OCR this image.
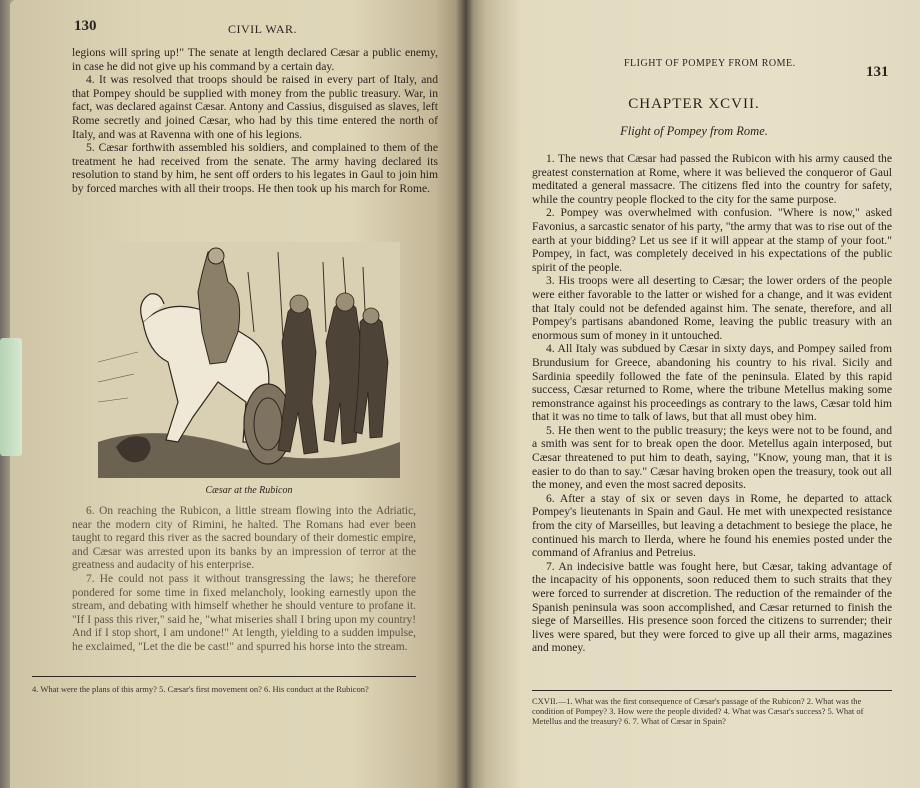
130	CIVIL WAR.

legions will spring up!" The senate at length declared Cæsar a public enemy, in case he did not give up his command by a certain day.

4. It was resolved that troops should be raised in every part of Italy, and that Pompey should be supplied with money from the public treasury. War, in fact, was declared against Cæsar. Antony and Cassius, disguised as slaves, left Rome secretly and joined Cæsar, who had by this time entered the north of Italy, and was at Ravenna with one of his legions.

5. Cæsar forthwith assembled his soldiers, and complained to them of the treatment he had received from the senate. The army having declared its resolution to stand by him, he sent off orders to his legates in Gaul to join him by forced marches with all their troops. He then took up his march for Rome.

Cæsar at the Rubicon

6. On reaching the Rubicon, a little stream flowing into the Adriatic, near the modern city of Rimini, he halted. The Romans had ever been taught to regard this river as the sacred boundary of their domestic empire, and Cæsar was arrested upon its banks by an impression of terror at the greatness and audacity of his enterprise.

7. He could not pass it without transgressing the laws; he therefore pondered for some time in fixed melancholy, looking earnestly upon the stream, and debating with himself whether he should venture to profane it. "If I pass this river," said he, "what miseries shall I bring upon my country! And if I stop short, I am undone!" At length, yielding to a sudden impulse, he exclaimed, "Let the die be cast!" and spurred his horse into the stream.

4. What were the plans of this army? 5. Cæsar's first movement on? 6. His conduct at the Rubicon?
FLIGHT OF POMPEY FROM ROME.
131
CHAPTER XCVII.
Flight of Pompey from Rome.

1. The news that Cæsar had passed the Rubicon with his army caused the greatest consternation at Rome, where it was believed the conqueror of Gaul meditated a general massacre. The citizens fled into the country for safety, while the country people flocked to the city for the same purpose.

2. Pompey was overwhelmed with confusion. "Where is now," asked Favonius, a sarcastic senator of his party, "the army that was to rise out of the earth at your bidding? Let us see if it will appear at the stamp of your foot." Pompey, in fact, was completely deceived in his expectations of the public spirit of the people.

3. His troops were all deserting to Cæsar; the lower orders of the people were either favorable to the latter or wished for a change, and it was evident that Italy could not be defended against him. The senate, therefore, and all Pompey's partisans abandoned Rome, leaving the public treasury with an enormous sum of money in it untouched.

4. All Italy was subdued by Cæsar in sixty days, and Pompey sailed from Brundusium for Greece, abandoning his country to his rival. Sicily and Sardinia speedily followed the fate of the peninsula. Elated by this rapid success, Cæsar returned to Rome, where the tribune Metellus making some remonstrance against his proceedings as contrary to the laws, Cæsar told him that it was no time to talk of laws, but that all must obey him.

5. He then went to the public treasury; the keys were not to be found, and a smith was sent for to break open the door. Metellus again interposed, but Cæsar threatened to put him to death, saying, "Know, young man, that it is easier to do than to say." Cæsar having broken open the treasury, took out all the money, and even the most sacred deposits.

6. After a stay of six or seven days in Rome, he departed to attack Pompey's lieutenants in Spain and Gaul. He met with unexpected resistance from the city of Marseilles, but leaving a detachment to besiege the place, he continued his march to Ilerda, where he found his enemies posted under the command of Afranius and Petreius.

7. An indecisive battle was fought here, but Cæsar, taking advantage of the incapacity of his opponents, soon reduced them to such straits that they were forced to surrender at discretion. The reduction of the remainder of the Spanish peninsula was soon accomplished, and Cæsar returned to finish the siege of Marseilles. His presence soon forced the citizens to surrender; their lives were spared, but they were forced to give up all their arms, magazines and money.

CXVII.—1. What was the first consequence of Cæsar's passage of the Rubicon? 2. What was the condition of Pompey? 3. How were the people divided? 4. What was Cæsar's success? 5. What of Metellus and the treasury? 6. 7. What of Cæsar in Spain?
